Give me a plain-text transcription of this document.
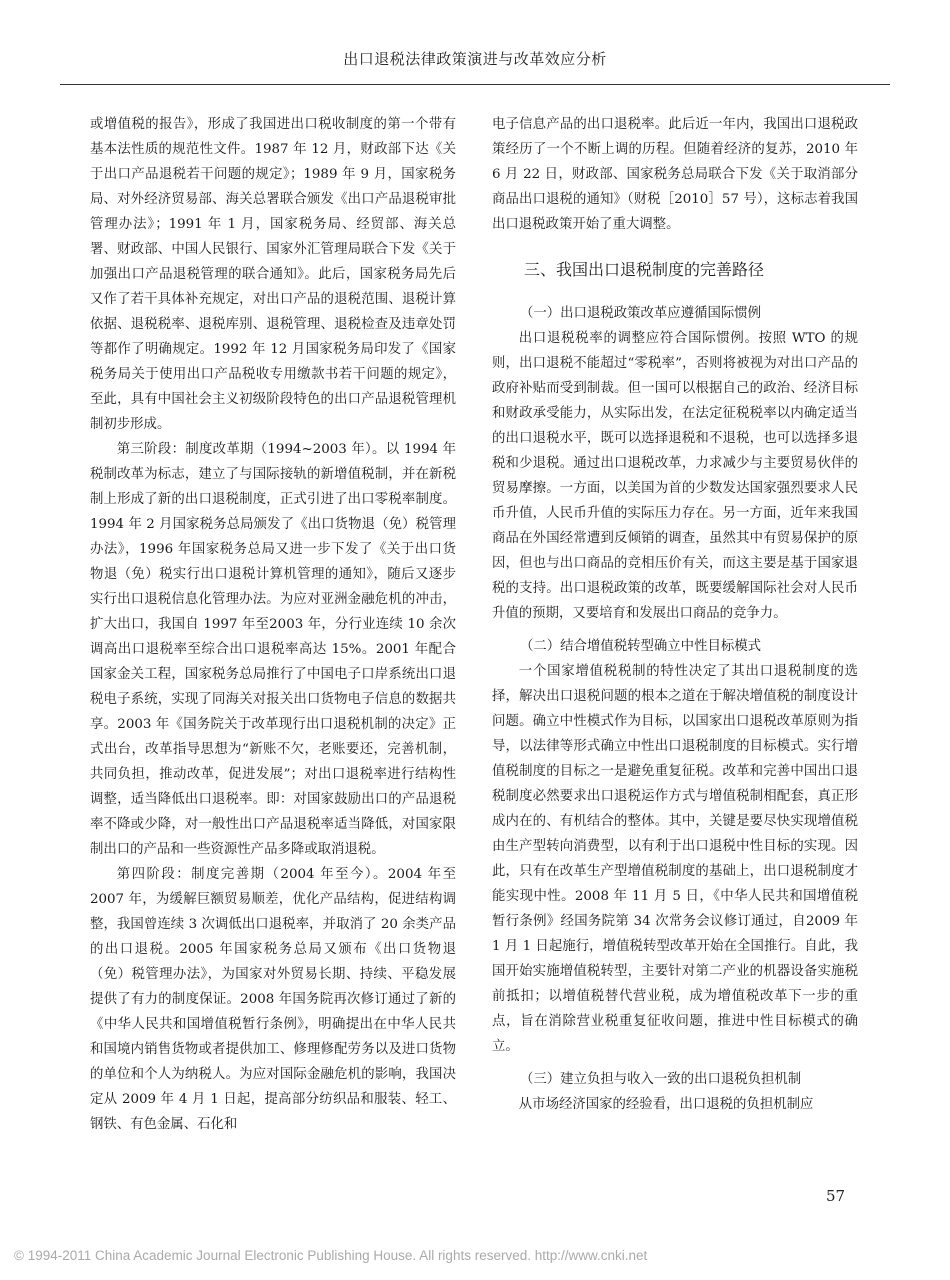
出口退税法律政策演进与改革效应分析

或增值税的报告》，形成了我国进出口税收制度的第一个带有基本法性质的规范性文件。1987 年 12 月，财政部下达《关于出口产品退税若干问题的规定》；1989 年 9 月，国家税务局、对外经济贸易部、海关总署联合颁发《出口产品退税审批管理办法》；1991 年 1 月，国家税务局、经贸部、海关总署、财政部、中国人民银行、国家外汇管理局联合下发《关于加强出口产品退税管理的联合通知》。此后，国家税务局先后又作了若干具体补充规定，对出口产品的退税范围、退税计算依据、退税税率、退税库别、退税管理、退税检查及违章处罚等都作了明确规定。1992 年 12 月国家税务局印发了《国家税务局关于使用出口产品税收专用缴款书若干问题的规定》，至此，具有中国社会主义初级阶段特色的出口产品退税管理机制初步形成。

第三阶段：制度改革期（1994~2003 年）。以 1994 年税制改革为标志，建立了与国际接轨的新增值税制，并在新税制上形成了新的出口退税制度，正式引进了出口零税率制度。1994 年 2 月国家税务总局颁发了《出口货物退（免）税管理办法》，1996 年国家税务总局又进一步下发了《关于出口货物退（免）税实行出口退税计算机管理的通知》，随后又逐步实行出口退税信息化管理办法。为应对亚洲金融危机的冲击，扩大出口，我国自 1997 年至2003 年，分行业连续 10 余次调高出口退税率至综合出口退税率高达 15%。2001 年配合国家金关工程，国家税务总局推行了中国电子口岸系统出口退税电子系统，实现了同海关对报关出口货物电子信息的数据共享。2003 年《国务院关于改革现行出口退税机制的决定》正式出台，改革指导思想为“新账不欠，老账要还，完善机制，共同负担，推动改革，促进发展”；对出口退税率进行结构性调整，适当降低出口退税率。即：对国家鼓励出口的产品退税率不降或少降，对一般性出口产品退税率适当降低，对国家限制出口的产品和一些资源性产品多降或取消退税。

第四阶段：制度完善期（2004 年至今）。2004 年至2007 年，为缓解巨额贸易顺差，优化产品结构，促进结构调整，我国曾连续 3 次调低出口退税率，并取消了 20 余类产品的出口退税。2005 年国家税务总局又颁布《出口货物退（免）税管理办法》，为国家对外贸易长期、持续、平稳发展提供了有力的制度保证。2008 年国务院再次修订通过了新的《中华人民共和国增值税暂行条例》，明确提出在中华人民共和国境内销售货物或者提供加工、修理修配劳务以及进口货物的单位和个人为纳税人。为应对国际金融危机的影响，我国决定从 2009 年 4 月 1 日起，提高部分纺织品和服装、轻工、钢铁、有色金属、石化和

电子信息产品的出口退税率。此后近一年内，我国出口退税政策经历了一个不断上调的历程。但随着经济的复苏，2010 年 6 月 22 日，财政部、国家税务总局联合下发《关于取消部分商品出口退税的通知》（财税［2010］57 号），这标志着我国出口退税政策开始了重大调整。

三、我国出口退税制度的完善路径

（一）出口退税政策改革应遵循国际惯例

出口退税税率的调整应符合国际惯例。按照 WTO 的规则，出口退税不能超过“零税率”，否则将被视为对出口产品的政府补贴而受到制裁。但一国可以根据自己的政治、经济目标和财政承受能力，从实际出发，在法定征税税率以内确定适当的出口退税水平，既可以选择退税和不退税，也可以选择多退税和少退税。通过出口退税改革，力求减少与主要贸易伙伴的贸易摩擦。一方面，以美国为首的少数发达国家强烈要求人民币升值，人民币升值的实际压力存在。另一方面，近年来我国商品在外国经常遭到反倾销的调查，虽然其中有贸易保护的原因，但也与出口商品的竞相压价有关，而这主要是基于国家退税的支持。出口退税政策的改革，既要缓解国际社会对人民币升值的预期，又要培育和发展出口商品的竞争力。

（二）结合增值税转型确立中性目标模式

一个国家增值税税制的特性决定了其出口退税制度的选择，解决出口退税问题的根本之道在于解决增值税的制度设计问题。确立中性模式作为目标，以国家出口退税改革原则为指导，以法律等形式确立中性出口退税制度的目标模式。实行增值税制度的目标之一是避免重复征税。改革和完善中国出口退税制度必然要求出口退税运作方式与增值税制相配套，真正形成内在的、有机结合的整体。其中，关键是要尽快实现增值税由生产型转向消费型，以有利于出口退税中性目标的实现。因此，只有在改革生产型增值税制度的基础上，出口退税制度才能实现中性。2008 年 11 月 5 日，《中华人民共和国增值税暂行条例》经国务院第 34 次常务会议修订通过，自2009 年 1 月 1 日起施行，增值税转型改革开始在全国推行。自此，我国开始实施增值税转型，主要针对第二产业的机器设备实施税前抵扣；以增值税替代营业税，成为增值税改革下一步的重点，旨在消除营业税重复征收问题，推进中性目标模式的确立。

（三）建立负担与收入一致的出口退税负担机制

从市场经济国家的经验看，出口退税的负担机制应

57
© 1994-2011 China Academic Journal Electronic Publishing House. All rights reserved. http://www.cnki.net
